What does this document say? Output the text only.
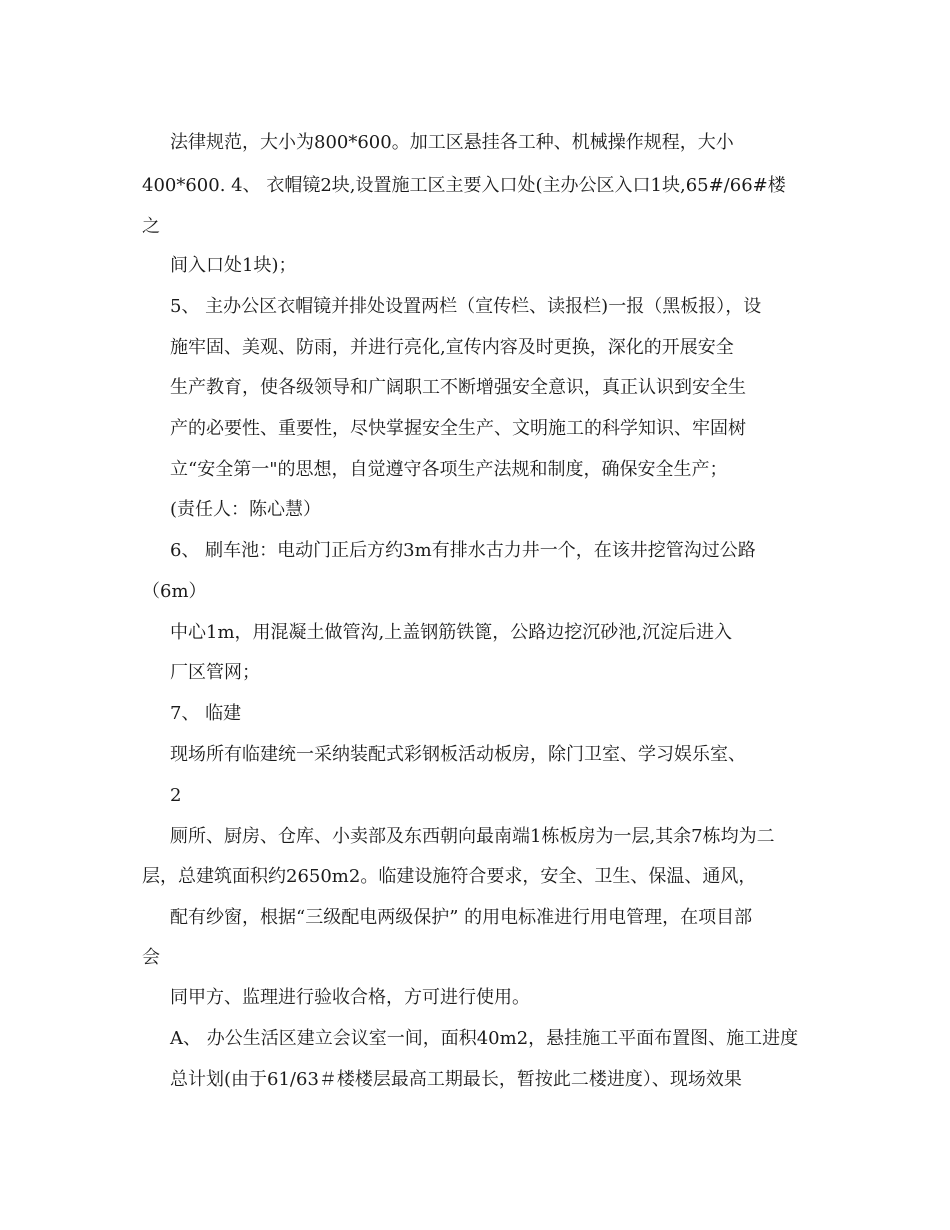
法律规范，大小为800*600。加工区悬挂各工种、机械操作规程，大小
400*600. 4、 衣帽镜2块,设置施工区主要入口处(主办公区入口1块,65#/66#楼
之
间入口处1块)；
5、 主办公区衣帽镜并排处设置两栏（宣传栏、读报栏)一报（黑板报），设
施牢固、美观、防雨，并进行亮化,宣传内容及时更换，深化的开展安全
生产教育，使各级领导和广阔职工不断增强安全意识，真正认识到安全生
产的必要性、重要性，尽快掌握安全生产、文明施工的科学知识、牢固树
立“安全第一"的思想，自觉遵守各项生产法规和制度，确保安全生产；
(责任人：陈心慧）
6、 刷车池：电动门正后方约3m有排水古力井一个，在该井挖管沟过公路
（6m）
中心1m，用混凝土做管沟,上盖钢筋铁篦，公路边挖沉砂池,沉淀后进入
厂区管网；
7、 临建
现场所有临建统一采纳装配式彩钢板活动板房，除门卫室、学习娱乐室、
2
厕所、厨房、仓库、小卖部及东西朝向最南端1栋板房为一层,其余7栋均为二
层，总建筑面积约2650m2。临建设施符合要求，安全、卫生、保温、通风，
配有纱窗，根据“三级配电两级保护” 的用电标准进行用电管理，在项目部
会
同甲方、监理进行验收合格，方可进行使用。
A、 办公生活区建立会议室一间，面积40m2，悬挂施工平面布置图、施工进度
总计划(由于61/63＃楼楼层最高工期最长，暂按此二楼进度）、现场效果
